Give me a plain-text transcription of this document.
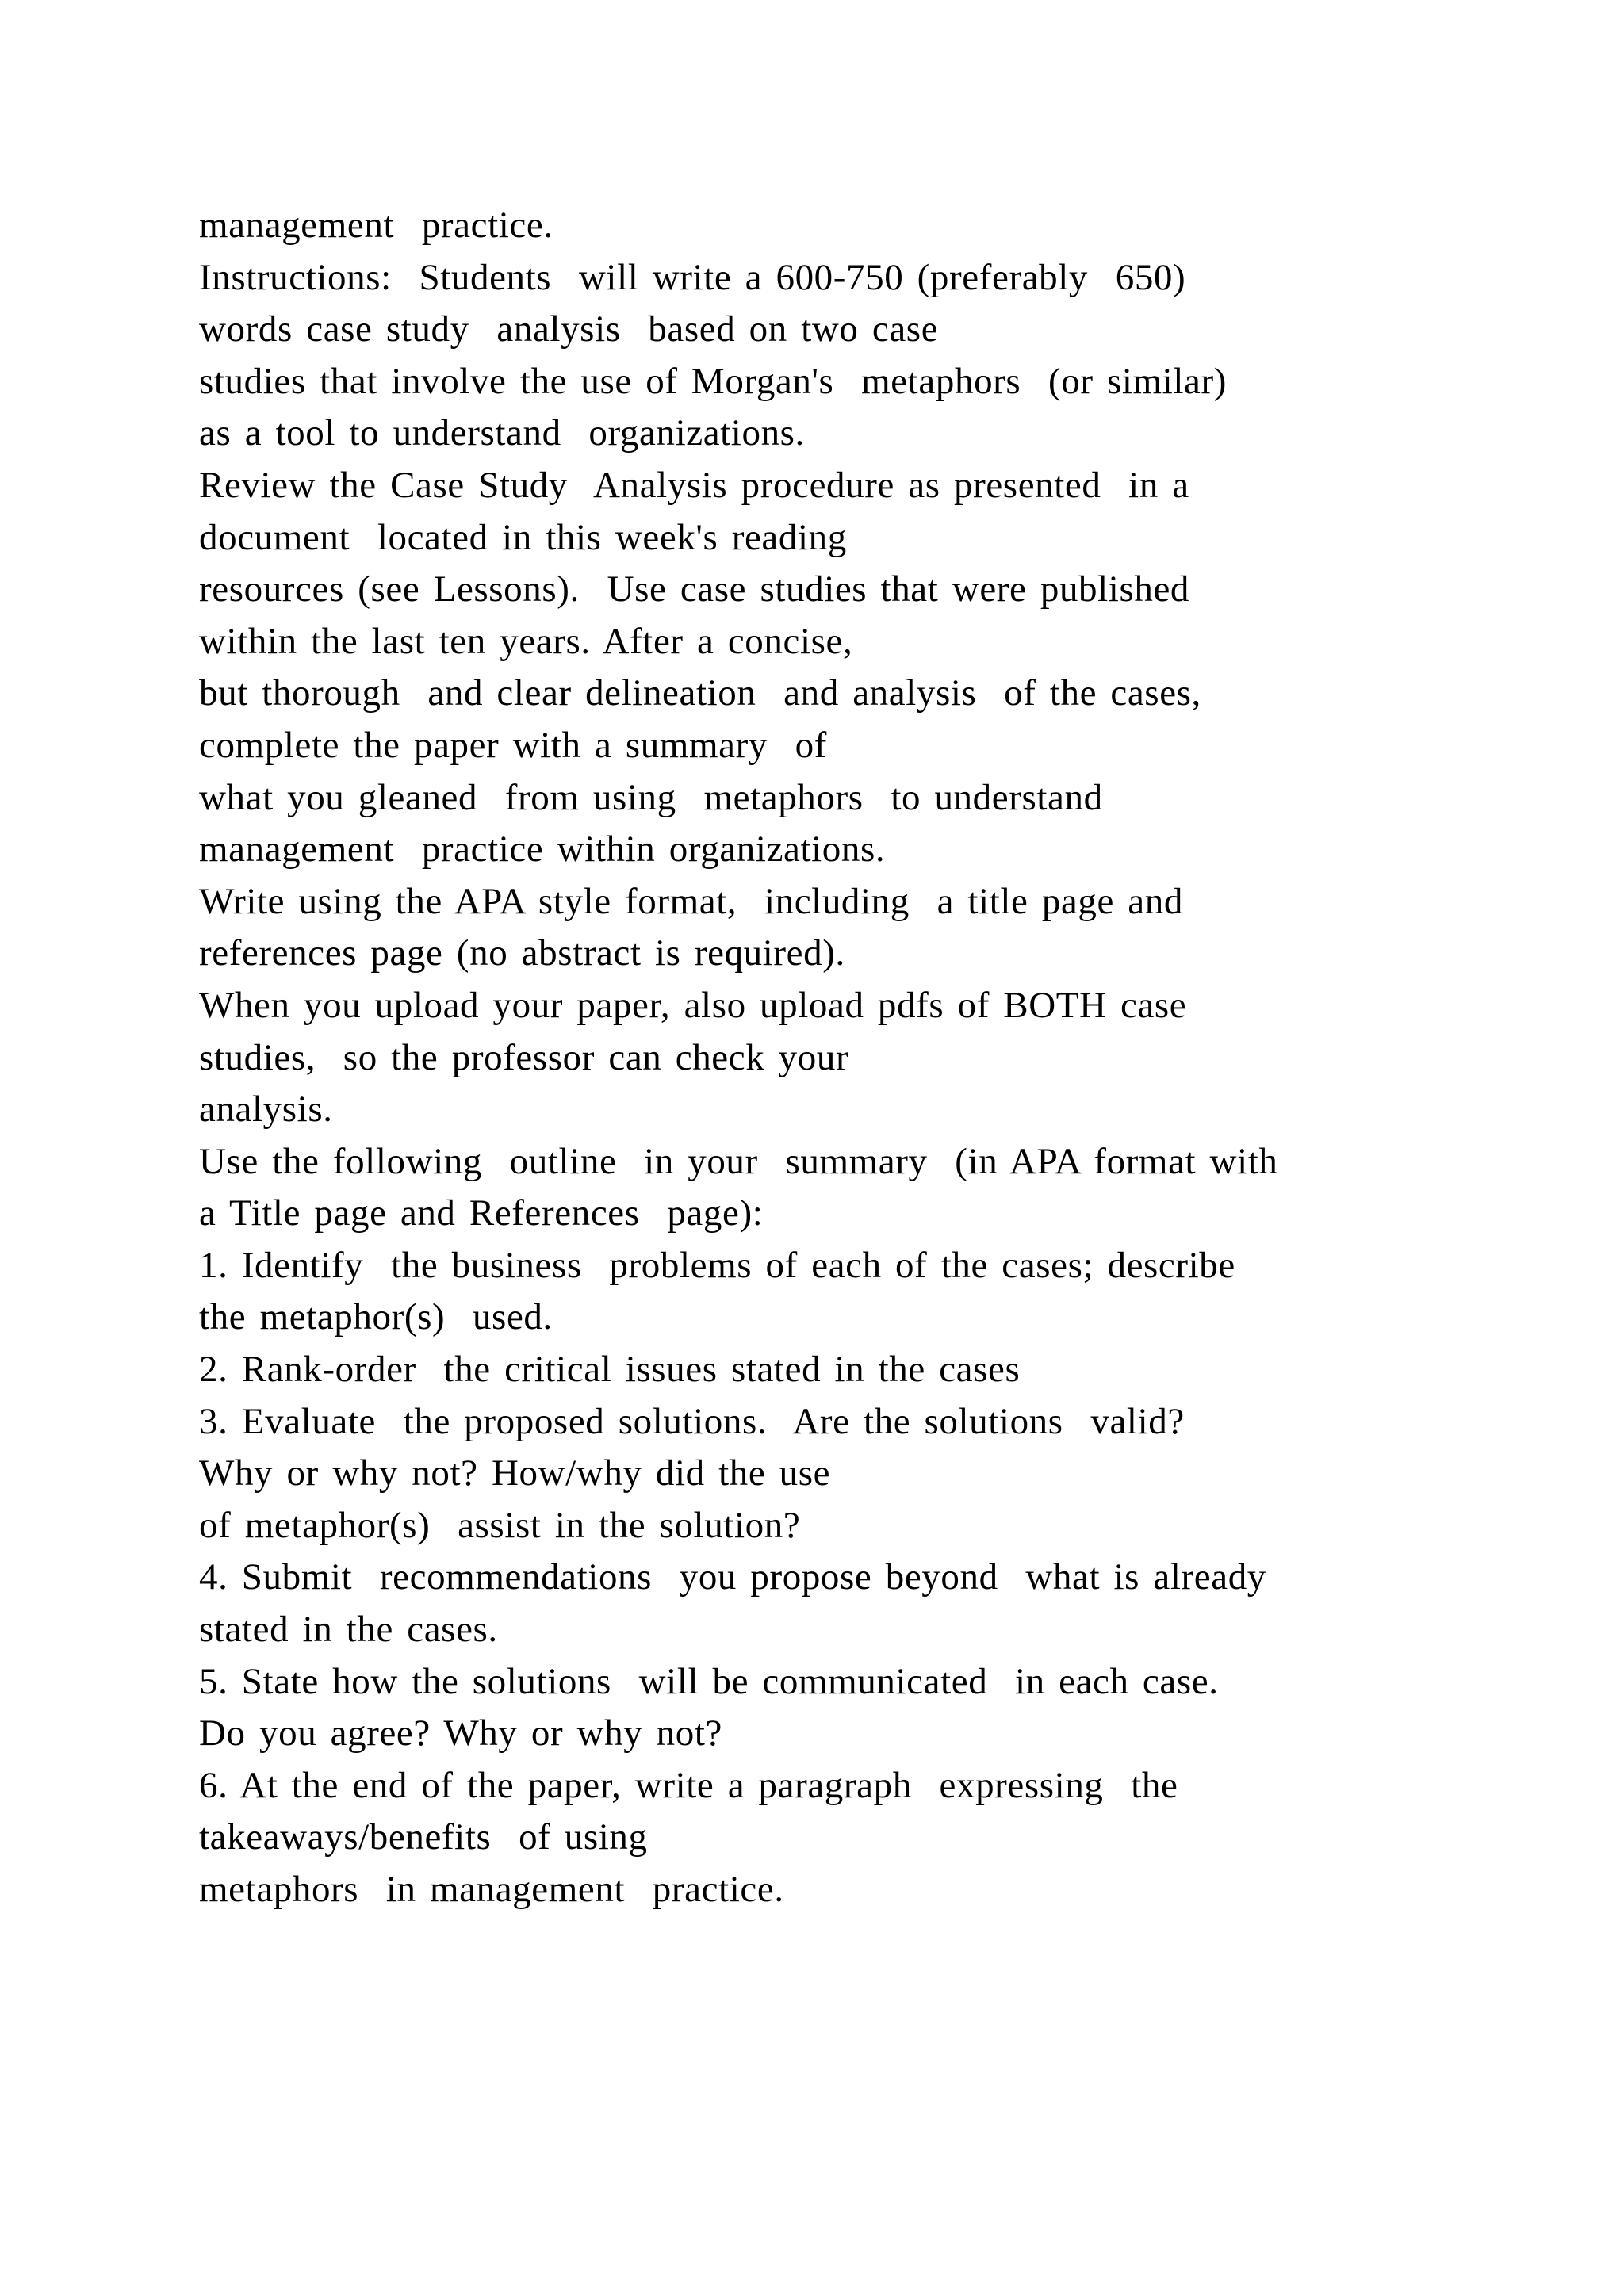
management  practice.
Instructions:  Students  will write a 600-750 (preferably  650)
words case study  analysis  based on two case
studies that involve the use of Morgan's  metaphors  (or similar)
as a tool to understand  organizations.
Review the Case Study  Analysis procedure as presented  in a
document  located in this week's reading
resources (see Lessons).  Use case studies that were published
within the last ten years. After a concise,
but thorough  and clear delineation  and analysis  of the cases,
complete the paper with a summary  of
what you gleaned  from using  metaphors  to understand
management  practice within organizations.
Write using the APA style format,  including  a title page and
references page (no abstract is required).
When you upload your paper, also upload pdfs of BOTH case
studies,  so the professor can check your
analysis.
Use the following  outline  in your  summary  (in APA format with
a Title page and References  page):
1. Identify  the business  problems of each of the cases; describe
the metaphor(s)  used.
2. Rank-order  the critical issues stated in the cases
3. Evaluate  the proposed solutions.  Are the solutions  valid?
Why or why not? How/why did the use
of metaphor(s)  assist in the solution?
4. Submit  recommendations  you propose beyond  what is already
stated in the cases.
5. State how the solutions  will be communicated  in each case.
Do you agree? Why or why not?
6. At the end of the paper, write a paragraph  expressing  the
takeaways/benefits  of using
metaphors  in management  practice.
